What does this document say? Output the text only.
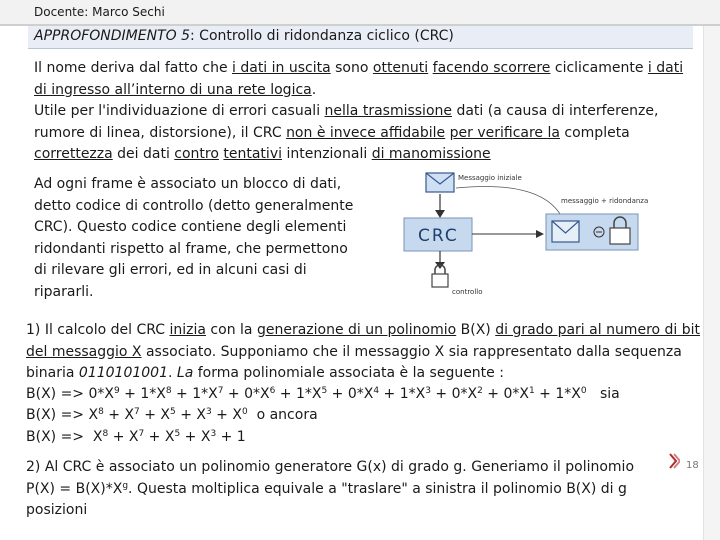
Docente: Marco Sechi
APPROFONDIMENTO 5: Controllo di ridondanza ciclico (CRC)

Il nome deriva dal fatto che i dati in uscita sono ottenuti facendo scorrere ciclicamente i dati di ingresso all’interno di una rete logica.

Utile per l'individuazione di errori casuali nella trasmissione dati (a causa di interferenze, rumore di linea, distorsione), il CRC non è invece affidabile per verificare la completa correttezza dei dati contro tentativi intenzionali di manomissione

Ad ogni frame è associato un blocco di dati, detto codice di controllo (detto generalmente CRC). Questo codice contiene degli elementi ridondanti rispetto al frame, che permettono di rilevare gli errori, ed in alcuni casi di ripararli.

Messaggio iniziale
CRC
messaggio + ridondanza
controllo

1) Il calcolo del CRC inizia con la generazione di un polinomio B(X) di grado pari al numero di bit del messaggio X associato. Supponiamo che il messaggio X sia rappresentato dalla sequenza binaria 0110101001. La forma polinomiale associata è la seguente :

$B(X) => 0*X^9 + 1*X^8 + 1*X^7 + 0*X^6 + 1*X^5 + 0*X^4 + 1*X^3 + 0*X^2 + 0*X^1 + 1*X^0$   sia
$B(X) => X^8 + X^7 + X^5 + X^3 + X^0$  o ancora
$B(X) => X^8 + X^7 + X^5 + X^3 + 1$

2) Al CRC è associato un polinomio generatore G(x) di grado g. Generiamo il polinomio $P(X) = B(X)*X^g$. Questa moltiplica equivale a "traslare" a sinistra il polinomio B(X) di g posizioni

18
